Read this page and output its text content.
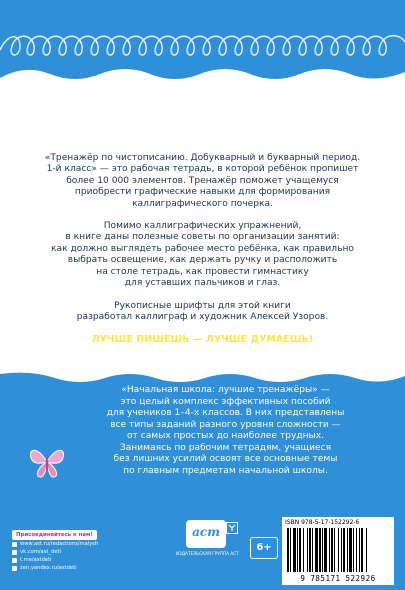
Ольга Васильевна Узорова — педагог-практик,
автор более 6 000 учебных, методических и развивающих пособий
для дошкольников и учеников младших классов.
По результатам 2022 года О. В. Узорова признана одним
из наиболее востребованных в России авторов учебных пособий.

«Тренажёр по чистописанию. Добукварный и букварный период.
1-й класс» — это рабочая тетрадь, в которой ребёнок пропишет
более 10 000 элементов. Тренажёр поможет учащемуся
приобрести графические навыки для формирования
каллиграфического почерка.

Помимо каллиграфических упражнений,
в книге даны полезные советы по организации занятий:
как должно выглядеть рабочее место ребёнка, как правильно
выбрать освещение, как держать ручку и расположить
на столе тетрадь, как провести гимнастику
для уставших пальчиков и глаз.

Рукописные шрифты для этой книги
разработал каллиграф и художник Алексей Узоров.

ЛУЧШЕ ПИШЕШЬ — ЛУЧШЕ ДУМАЕШЬ!
«Начальная школа: лучшие тренажёры» —
это целый комплекс эффективных пособий
для учеников 1–4-х классов. В них представлены
все типы заданий разного уровня сложности —
от самых простых до наиболее трудных.
Занимаясь по рабочим тетрадям, учащиеся
без лишних усилий освоят все основные темы
по главным предметам начальной школы.
Присоединяйтесь к нам!
www.ast.ru/redactions/malysh
vk.com/ast_deti
t.me/astdeti
zen.yandex.ru/astdeti
аст
ИЗДАТЕЛЬСКАЯ ГРУППА АСТ
6+
ISBN 978-5-17-152292-6
9 785171 522926
